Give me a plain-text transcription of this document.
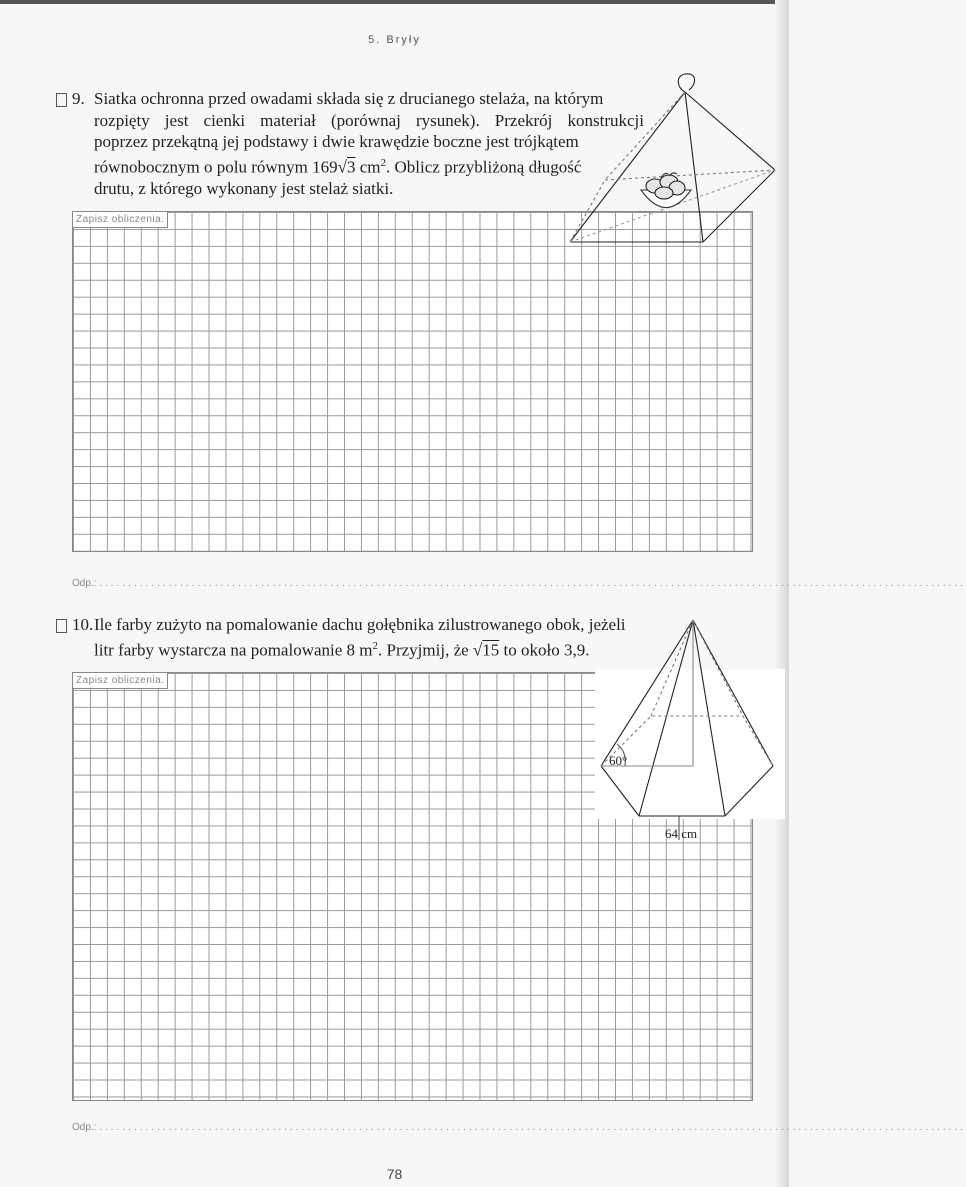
5. Bryły
9. Siatka ochronna przed owadami składa się z drucianego stelaża, na którym
rozpięty jest cienki materiał (porównaj rysunek). Przekrój konstrukcji
poprzez przekątną jej podstawy i dwie krawędzie boczne jest trójkątem
równobocznym o polu równym 169√3 $cm^2$. Oblicz przybliżoną długość
drutu, z którego wykonany jest stelaż siatki.
Zapisz obliczenia.
Odp.: ......................................................................................................................................................
10. Ile farby zużyto na pomalowanie dachu gołębnika zilustrowanego obok, jeżeli
litr farby wystarcza na pomalowanie 8 $m^2$. Przyjmij, że √15 to około 3,9.
Zapisz obliczenia.
Odp.: ......................................................................................................................................................
60°
64 cm
78
